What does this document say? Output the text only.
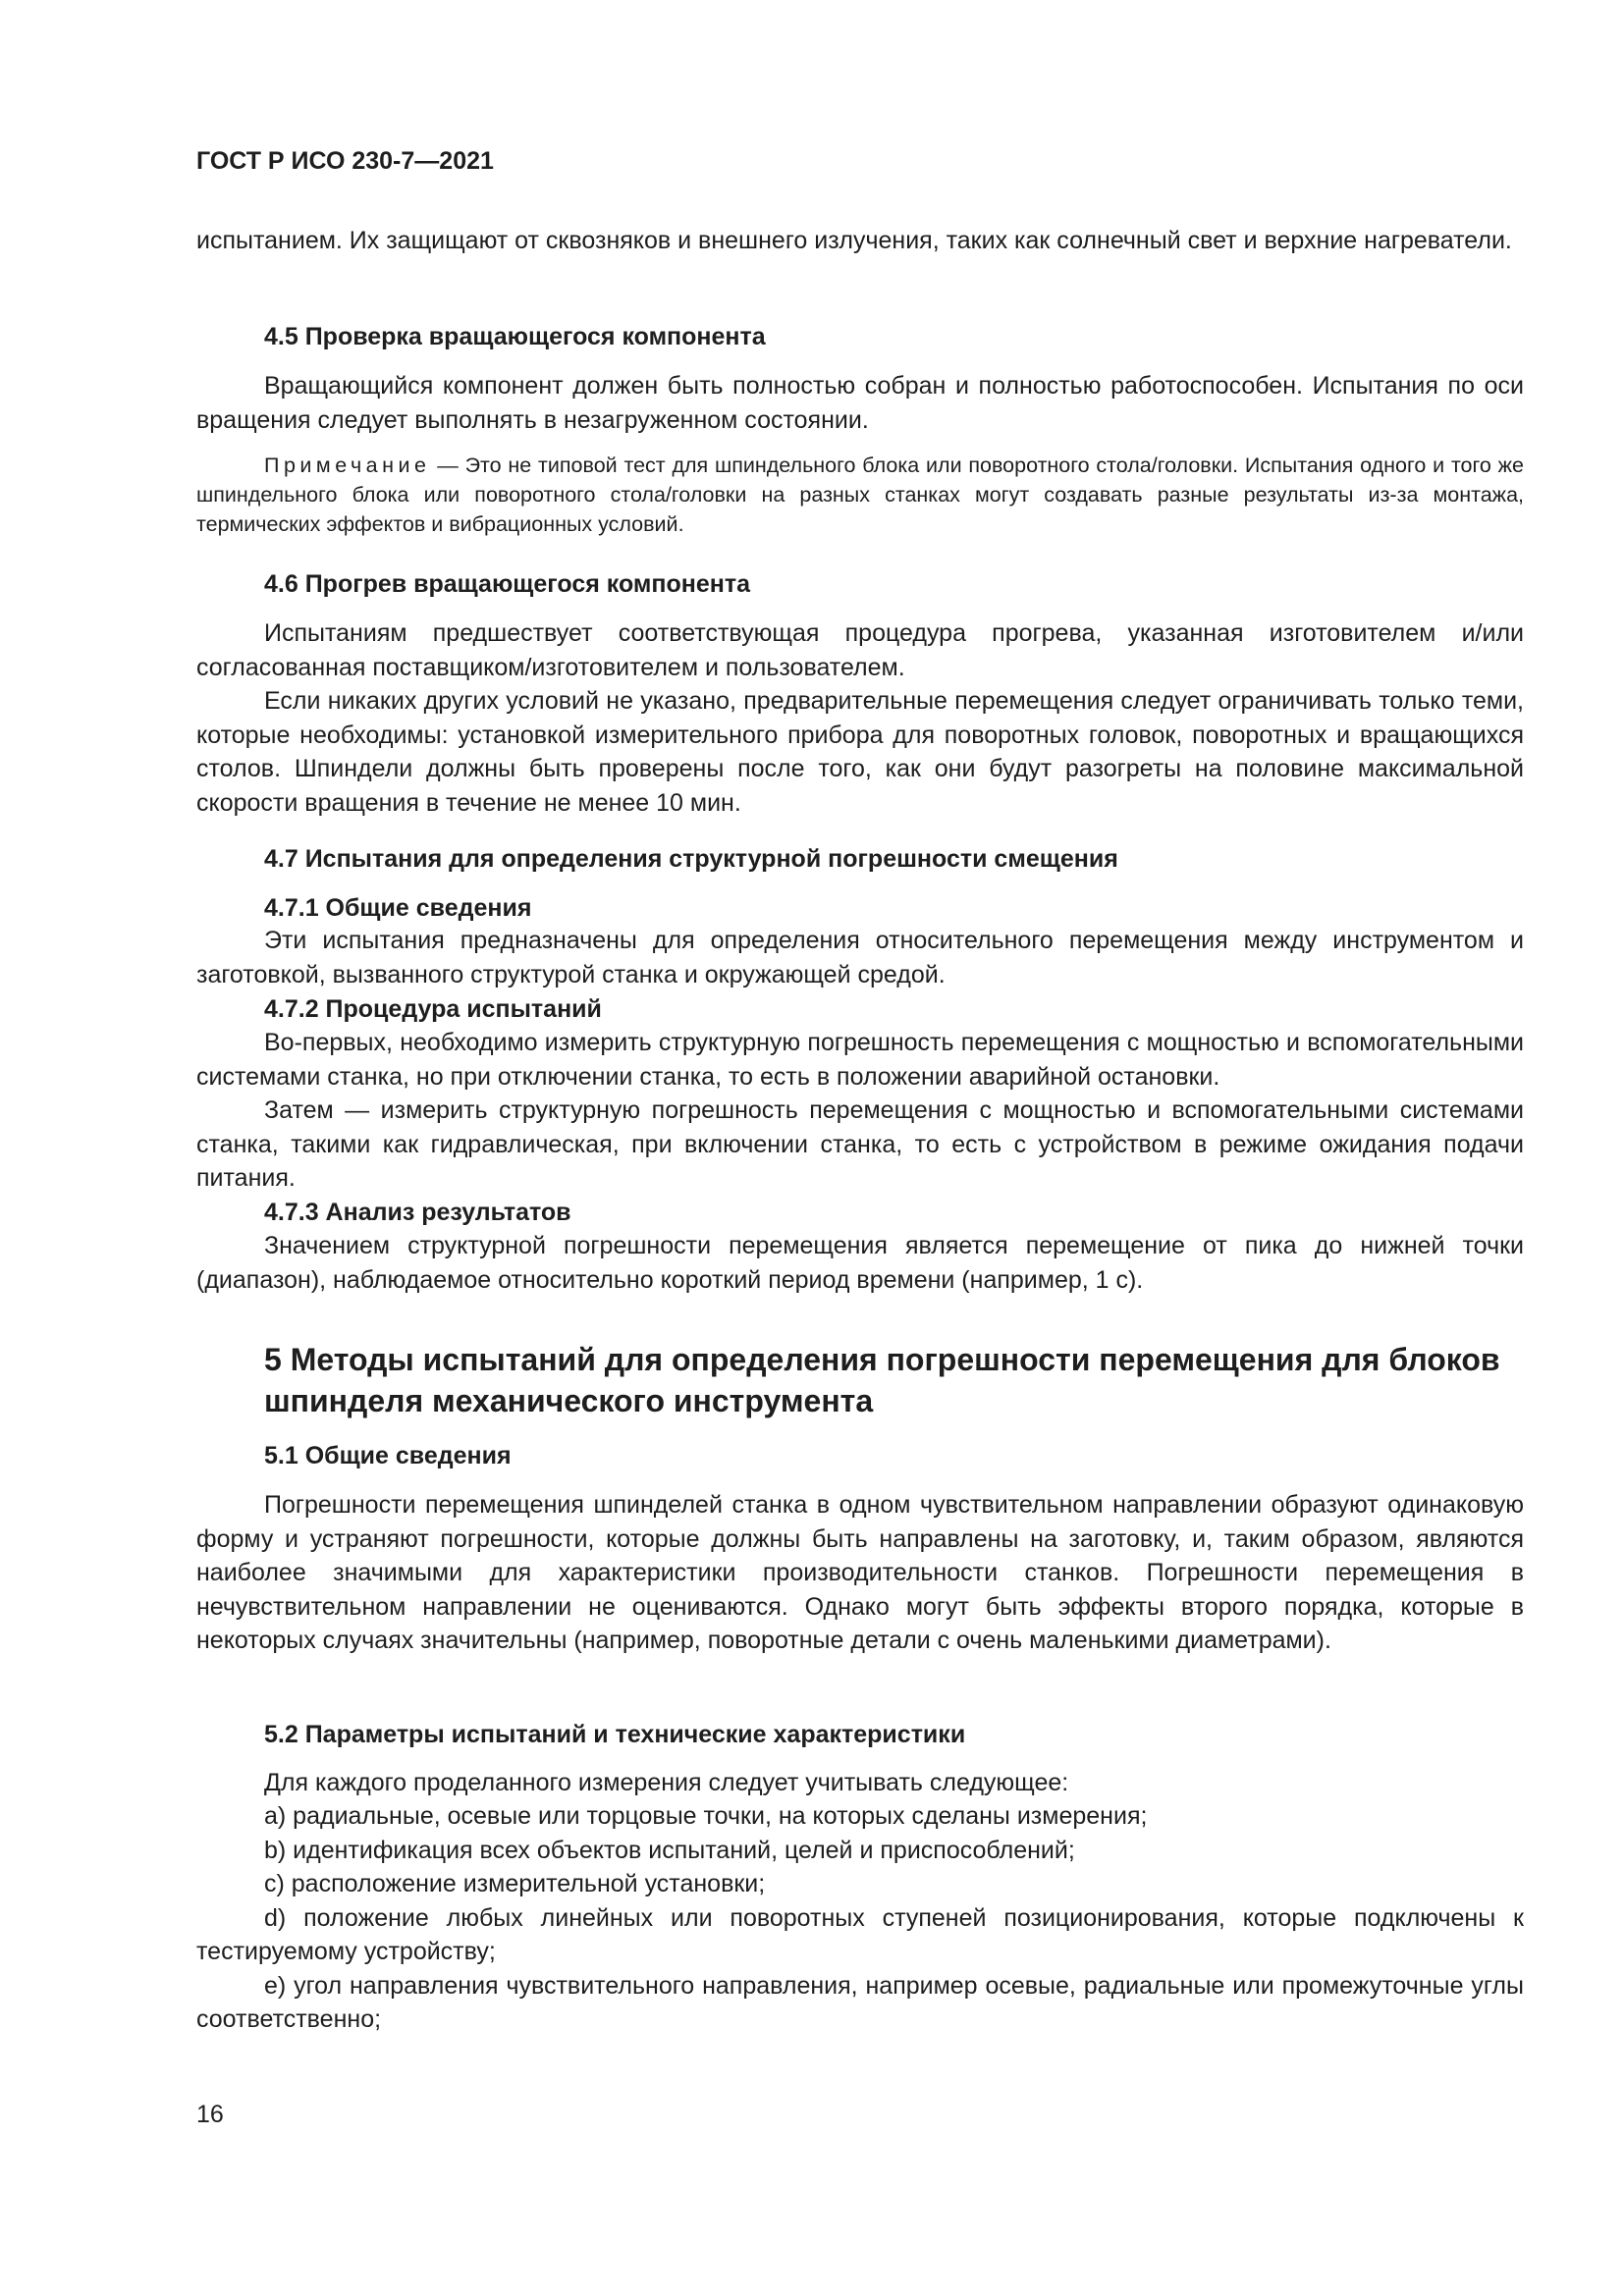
ГОСТ Р ИСО 230-7—2021

испытанием. Их защищают от сквозняков и внешнего излучения, таких как солнечный свет и верхние нагреватели.

4.5 Проверка вращающегося компонента

Вращающийся компонент должен быть полностью собран и полностью работоспособен. Испытания по оси вращения следует выполнять в незагруженном состоянии.

Примечание — Это не типовой тест для шпиндельного блока или поворотного стола/головки. Испытания одного и того же шпиндельного блока или поворотного стола/головки на разных станках могут создавать разные результаты из-за монтажа, термических эффектов и вибрационных условий.

4.6 Прогрев вращающегося компонента

Испытаниям предшествует соответствующая процедура прогрева, указанная изготовителем и/или согласованная поставщиком/изготовителем и пользователем.

Если никаких других условий не указано, предварительные перемещения следует ограничивать только теми, которые необходимы: установкой измерительного прибора для поворотных головок, поворотных и вращающихся столов. Шпиндели должны быть проверены после того, как они будут разогреты на половине максимальной скорости вращения в течение не менее 10 мин.

4.7 Испытания для определения структурной погрешности смещения

4.7.1 Общие сведения

Эти испытания предназначены для определения относительного перемещения между инструментом и заготовкой, вызванного структурой станка и окружающей средой.

4.7.2 Процедура испытаний

Во-первых, необходимо измерить структурную погрешность перемещения с мощностью и вспомогательными системами станка, но при отключении станка, то есть в положении аварийной остановки.

Затем — измерить структурную погрешность перемещения с мощностью и вспомогательными системами станка, такими как гидравлическая, при включении станка, то есть с устройством в режиме ожидания подачи питания.

4.7.3 Анализ результатов

Значением структурной погрешности перемещения является перемещение от пика до нижней точки (диапазон), наблюдаемое относительно короткий период времени (например, 1 с).

5 Методы испытаний для определения погрешности перемещения для блоков шпинделя механического инструмента

5.1 Общие сведения

Погрешности перемещения шпинделей станка в одном чувствительном направлении образуют одинаковую форму и устраняют погрешности, которые должны быть направлены на заготовку, и, таким образом, являются наиболее значимыми для характеристики производительности станков. Погрешности перемещения в нечувствительном направлении не оцениваются. Однако могут быть эффекты второго порядка, которые в некоторых случаях значительны (например, поворотные детали с очень маленькими диаметрами).

5.2 Параметры испытаний и технические характеристики

Для каждого проделанного измерения следует учитывать следующее:

a) радиальные, осевые или торцовые точки, на которых сделаны измерения;

b) идентификация всех объектов испытаний, целей и приспособлений;

c) расположение измерительной установки;

d) положение любых линейных или поворотных ступеней позиционирования, которые подключены к тестируемому устройству;

e) угол направления чувствительного направления, например осевые, радиальные или промежуточные углы соответственно;

16
